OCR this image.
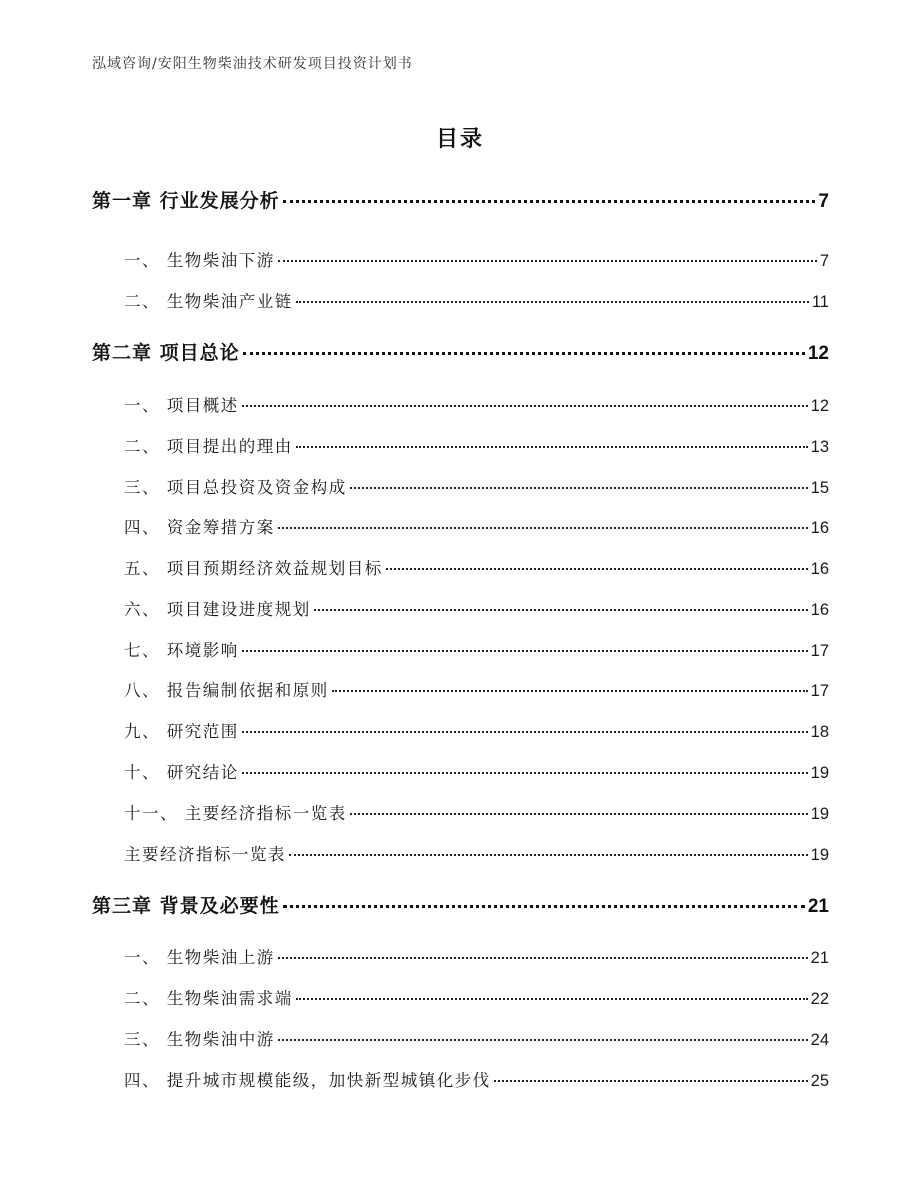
泓域咨询/安阳生物柴油技术研发项目投资计划书
目录
第一章 行业发展分析	7
一、 生物柴油下游	7
二、 生物柴油产业链	11
第二章 项目总论	12
一、 项目概述	12
二、 项目提出的理由	13
三、 项目总投资及资金构成	15
四、 资金筹措方案	16
五、 项目预期经济效益规划目标	16
六、 项目建设进度规划	16
七、 环境影响	17
八、 报告编制依据和原则	17
九、 研究范围	18
十、 研究结论	19
十一、 主要经济指标一览表	19
主要经济指标一览表	19
第三章 背景及必要性	21
一、 生物柴油上游	21
二、 生物柴油需求端	22
三、 生物柴油中游	24
四、 提升城市规模能级，加快新型城镇化步伐	25
